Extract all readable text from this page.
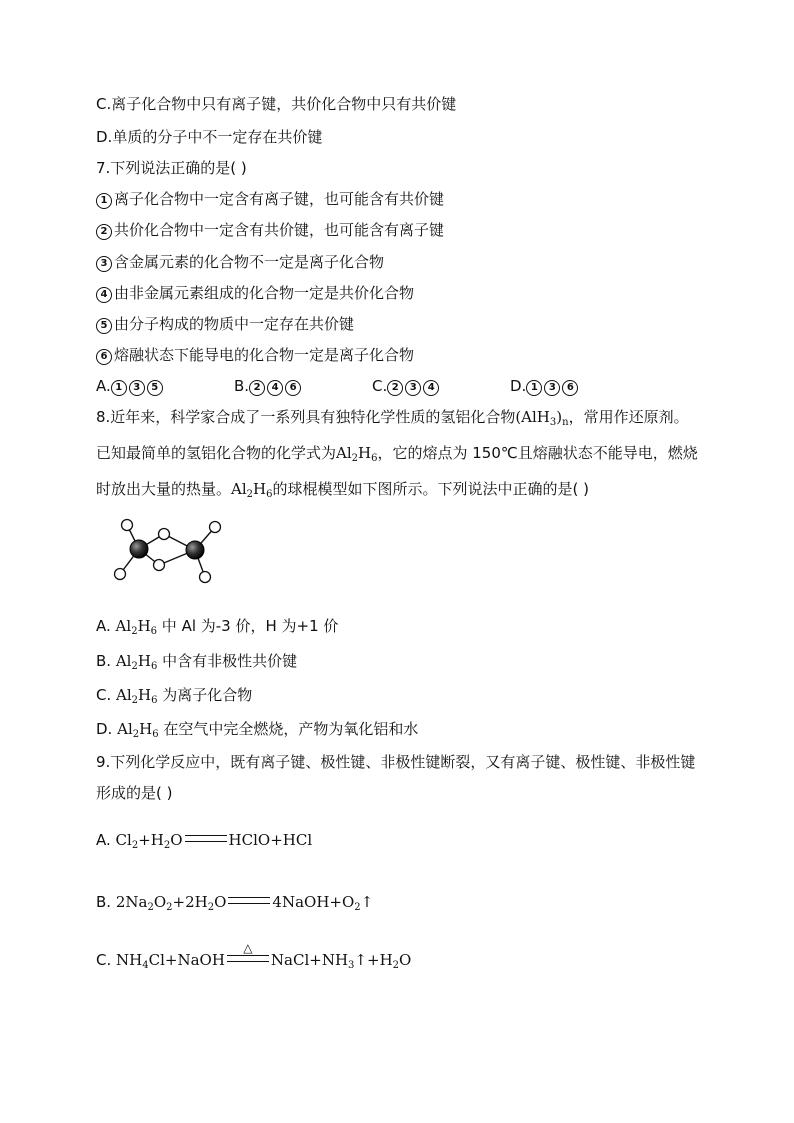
C.离子化合物中只有离子键，共价化合物中只有共价键
D.单质的分子中不一定存在共价键
7.下列说法正确的是( )
1 离子化合物中一定含有离子键，也可能含有共价键
2 共价化合物中一定含有共价键，也可能含有离子键
3 含金属元素的化合物不一定是离子化合物
4 由非金属元素组成的化合物一定是共价化合物
5 由分子构成的物质中一定存在共价键
6 熔融状态下能导电的化合物一定是离子化合物
A. 1 3 5	B. 2 4 6	C. 2 3 4	D. 1 3 6
8.近年来，科学家合成了一系列具有独特化学性质的氢铝化合物$(AlH_3)_n$，常用作还原剂。已知最简单的氢铝化合物的化学式为$Al_2H_6$，它的熔点为 150℃且熔融状态不能导电，燃烧时放出大量的热量。$Al_2H_6$的球棍模型如下图所示。下列说法中正确的是( )
A. $Al_2H_6$ 中 Al 为-3 价，H 为+1 价
B. $Al_2H_6$ 中含有非极性共价键
C. $Al_2H_6$ 为离子化合物
D. $Al_2H_6$ 在空气中完全燃烧，产物为氧化铝和水
9.下列化学反应中，既有离子键、极性键、非极性键断裂，又有离子键、极性键、非极性键形成的是( )
A. $Cl_2+H_2O$	HClO+HCl
B. $2Na_2O_2+2H_2O$	$4NaOH+O_2↑$
C. $NH_4Cl+NaOH$
△
$NaCl+NH_3↑+H_2O$
